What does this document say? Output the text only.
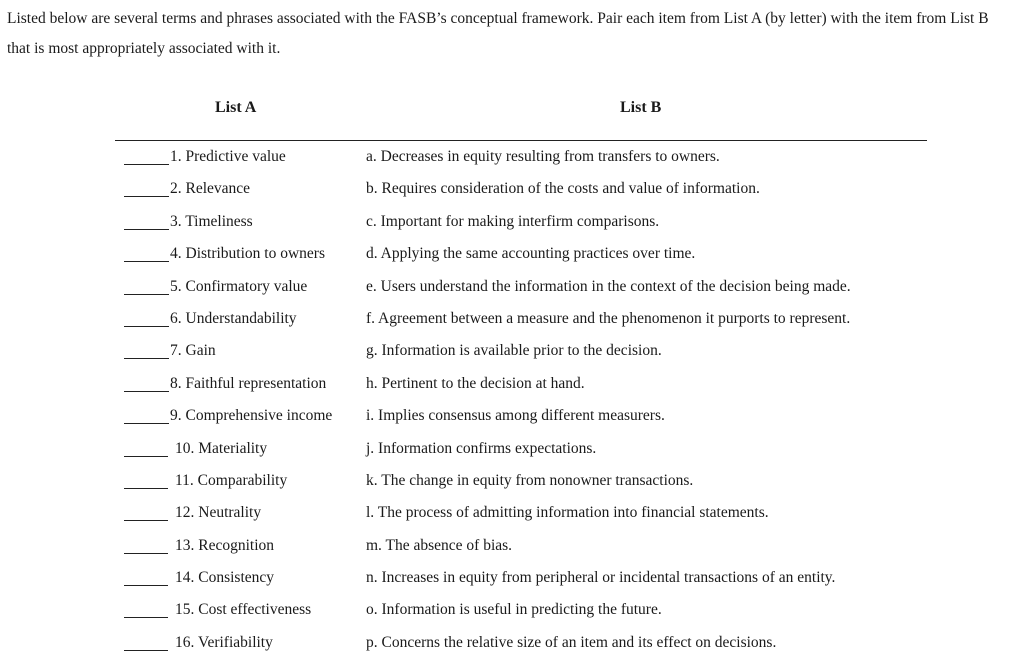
Listed below are several terms and phrases associated with the FASB’s conceptual framework. Pair each item from List A (by letter) with the item from List B that is most appropriately associated with it.

List A	List B
1. Predictive value	a. Decreases in equity resulting from transfers to owners.
2. Relevance	b. Requires consideration of the costs and value of information.
3. Timeliness	c. Important for making interfirm comparisons.
4. Distribution to owners	d. Applying the same accounting practices over time.
5. Confirmatory value	e. Users understand the information in the context of the decision being made.
6. Understandability	f. Agreement between a measure and the phenomenon it purports to represent.
7. Gain	g. Information is available prior to the decision.
8. Faithful representation	h. Pertinent to the decision at hand.
9. Comprehensive income i. Implies consensus among different measurers.
10. Materiality	j. Information confirms expectations.
11. Comparability	k. The change in equity from nonowner transactions.
12. Neutrality	l. The process of admitting information into financial statements.
13. Recognition	m. The absence of bias.
14. Consistency	n. Increases in equity from peripheral or incidental transactions of an entity.
15. Cost effectiveness	o. Information is useful in predicting the future.
16. Verifiability	p. Concerns the relative size of an item and its effect on decisions.
